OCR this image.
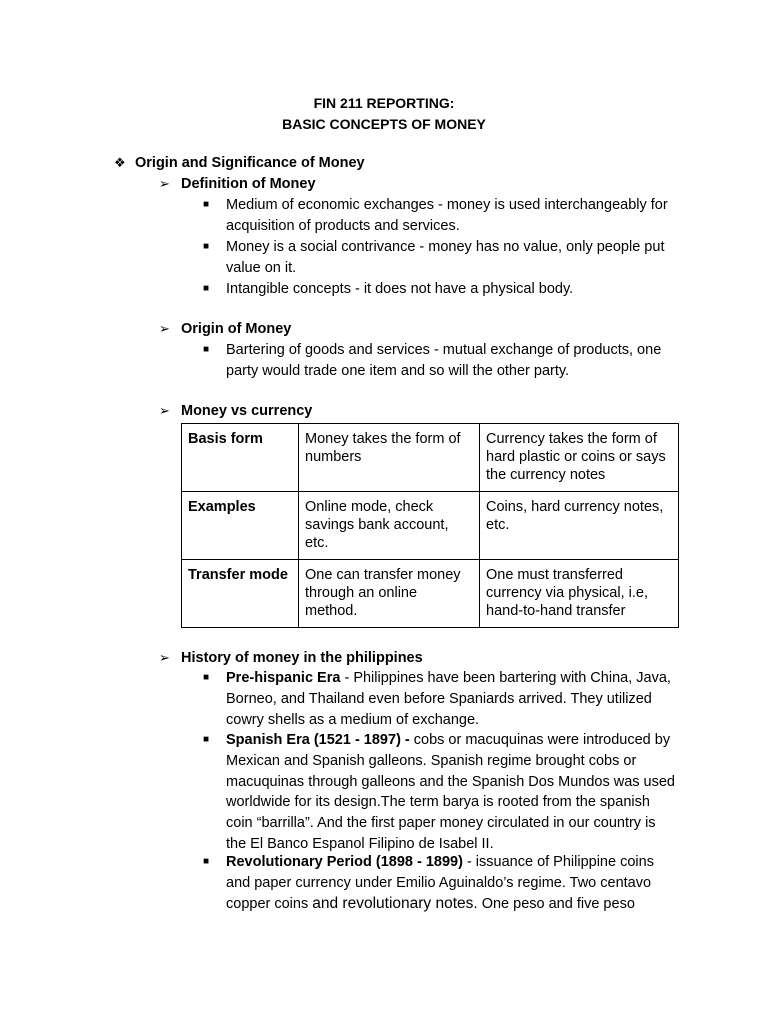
FIN 211 REPORTING:
BASIC CONCEPTS OF MONEY
❖ Origin and Significance of Money
➢ Definition of Money
■ Medium of economic exchanges - money is used interchangeably for acquisition of products and services.
■ Money is a social contrivance - money has no value, only people put value on it.
■ Intangible concepts - it does not have a physical body.
➢ Origin of Money
■ Bartering of goods and services - mutual exchange of products, one party would trade one item and so will the other party.
➢ Money vs currency
Basis form	Money takes the form of numbers	Currency takes the form of hard plastic or coins or says the currency notes
Examples	Online mode, check savings bank account, etc.	Coins, hard currency notes, etc.
Transfer mode	One can transfer money through an online method.	One must transferred currency via physical, i.e, hand-to-hand transfer
➢ History of money in the philippines
■ Pre-hispanic Era - Philippines have been bartering with China, Java, Borneo, and Thailand even before Spaniards arrived. They utilized cowry shells as a medium of exchange.
■ Spanish Era (1521 - 1897) - cobs or macuquinas were introduced by Mexican and Spanish galleons. Spanish regime brought cobs or macuquinas through galleons and the Spanish Dos Mundos was used worldwide for its design.The term barya is rooted from the spanish coin “barrilla”. And the first paper money circulated in our country is the El Banco Espanol Filipino de Isabel II.
■ Revolutionary Period (1898 - 1899) - issuance of Philippine coins and paper currency under Emilio Aguinaldo’s regime. Two centavo copper coins and revolutionary notes. One peso and five peso
